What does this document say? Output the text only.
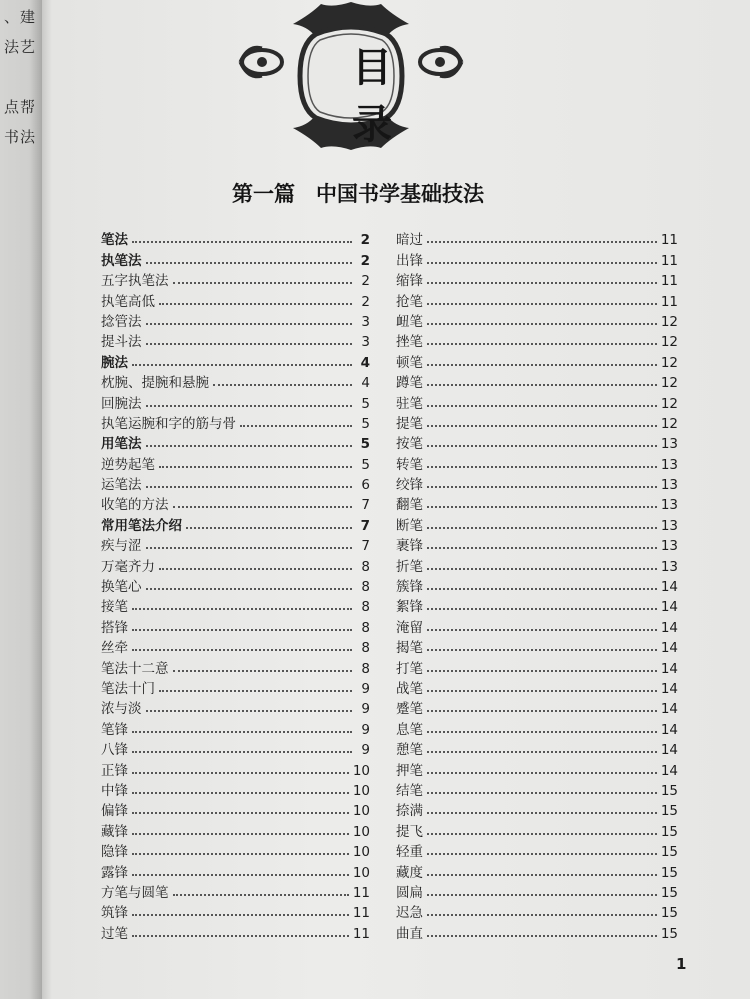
、建
法艺
点帮
书法
目 录
第一篇　中国书学基础技法
笔法	2
执笔法	2
五字执笔法	2
执笔高低	2
捻管法	3
提斗法	3
腕法	4
枕腕、提腕和悬腕	4
回腕法	5
执笔运腕和字的筋与骨	5
用笔法	5
逆势起笔	5
运笔法	6
收笔的方法	7
常用笔法介绍	7
疾与涩	7
万毫齐力	8
换笔心	8
接笔	8
搭锋	8
丝牵	8
笔法十二意	8
笔法十门	9
浓与淡	9
笔锋	9
八锋	9
正锋	10
中锋	10
偏锋	10
藏锋	10
隐锋	10
露锋	10
方笔与圆笔	11
筑锋	11
过笔	11
暗过	11
出锋	11
缩锋	11
抢笔	11
衄笔	12
挫笔	12
顿笔	12
蹲笔	12
驻笔	12
提笔	12
按笔	13
转笔	13
绞锋	13
翻笔	13
断笔	13
裹锋	13
折笔	13
簇锋	14
絮锋	14
淹留	14
揭笔	14
打笔	14
战笔	14
蹙笔	14
息笔	14
憩笔	14
押笔	14
结笔	15
捺满	15
提飞	15
轻重	15
藏度	15
圆扁	15
迟急	15
曲直	15
1
